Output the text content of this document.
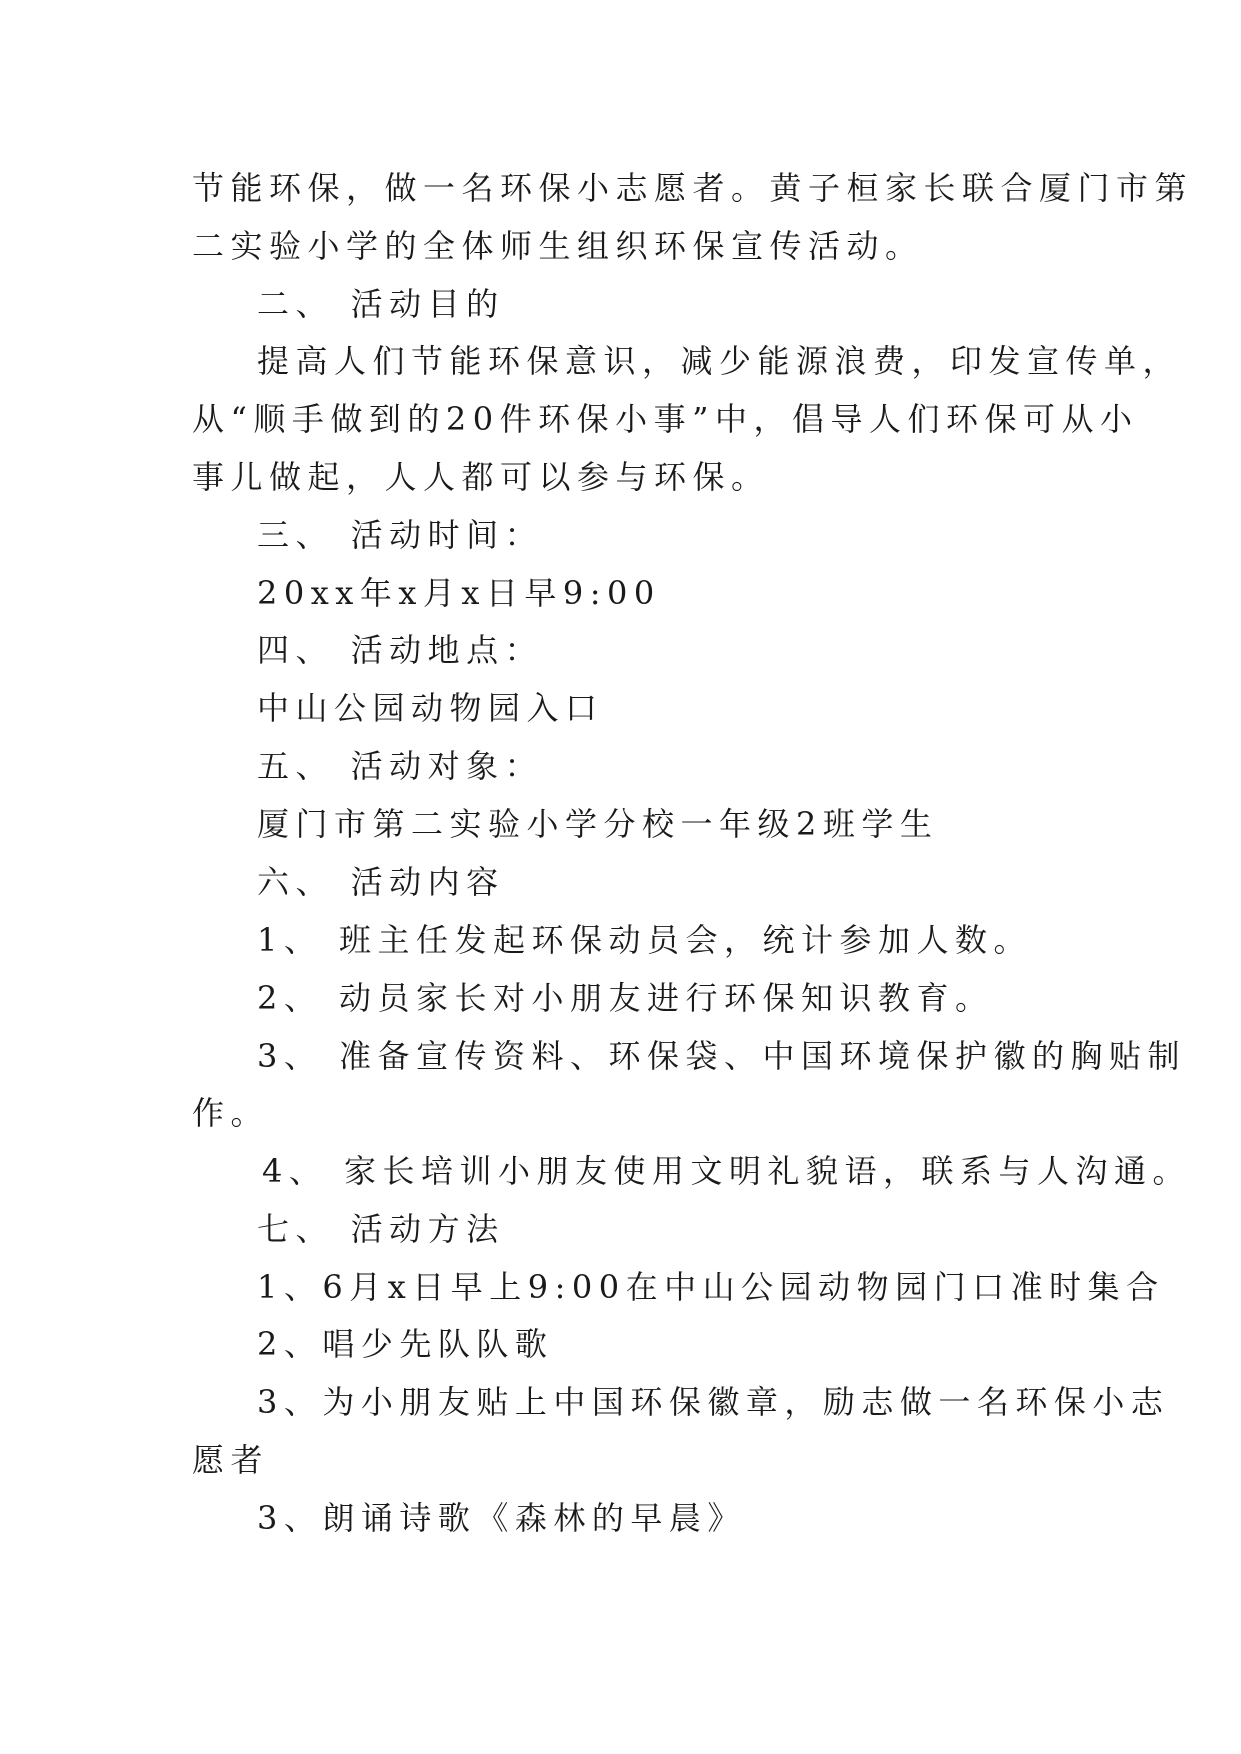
节能环保，做一名环保小志愿者。黄子桓家长联合厦门市第
二实验小学的全体师生组织环保宣传活动。
二、 活动目的
提高人们节能环保意识，减少能源浪费，印发宣传单，
从“顺手做到的20件环保小事”中，倡导人们环保可从小
事儿做起，人人都可以参与环保。
三、 活动时间：
20xx年x月x日早9:00
四、 活动地点：
中山公园动物园入口
五、 活动对象：
厦门市第二实验小学分校一年级2班学生
六、 活动内容
1、 班主任发起环保动员会，统计参加人数。
2、 动员家长对小朋友进行环保知识教育。
3、 准备宣传资料、环保袋、中国环境保护徽的胸贴制
作。
4、 家长培训小朋友使用文明礼貌语，联系与人沟通。
七、 活动方法
1、6月x日早上9:00在中山公园动物园门口准时集合
2、唱少先队队歌
3、为小朋友贴上中国环保徽章，励志做一名环保小志
愿者
3、朗诵诗歌《森林的早晨》
